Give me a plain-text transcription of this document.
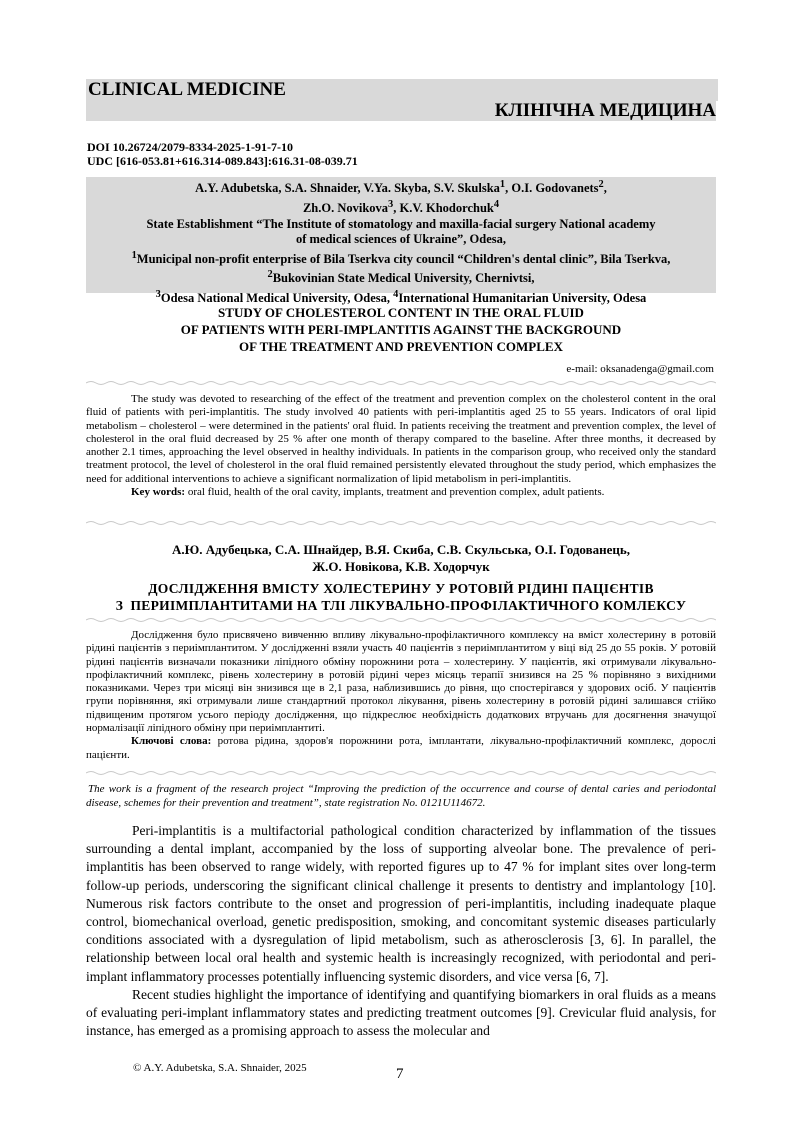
CLINICAL MEDICINE
КЛІНІЧНА МЕДИЦИНА
DOI 10.26724/2079-8334-2025-1-91-7-10
UDC [616-053.81+616.314-089.843]:616.31-08-039.71
A.Y. Adubetska, S.A. Shnaider, V.Ya. Skyba, S.V. Skulska$^1$, O.I. Godovanets$^2$,
Zh.O. Novikova$^3$, K.V. Khodorchuk$^4$
State Establishment “The Institute of stomatology and maxilla-facial surgery National academy
of medical sciences of Ukraine”, Odesa,
$^1$Municipal non-profit enterprise of Bila Tserkva city council “Children's dental clinic”, Bila Tserkva,
$^2$Bukovinian State Medical University, Chernivtsi,
$^3$Odesa National Medical University, Odesa, $^4$International Humanitarian University, Odesa
STUDY OF CHOLESTEROL CONTENT IN THE ORAL FLUID
OF PATIENTS WITH PERI-IMPLANTITIS AGAINST THE BACKGROUND
OF THE TREATMENT AND PREVENTION COMPLEX
e-mail: oksanadenga@gmail.com

The study was devoted to researching of the effect of the treatment and prevention complex on the cholesterol content in the oral fluid of patients with peri-implantitis. The study involved 40 patients with peri-implantitis aged 25 to 55 years. Indicators of oral lipid metabolism – cholesterol – were determined in the patients' oral fluid. In patients receiving the treatment and prevention complex, the level of cholesterol in the oral fluid decreased by 25 % after one month of therapy compared to the baseline. After three months, it decreased by another 2.1 times, approaching the level observed in healthy individuals. In patients in the comparison group, who received only the standard treatment protocol, the level of cholesterol in the oral fluid remained persistently elevated throughout the study period, which emphasizes the need for additional interventions to achieve a significant normalization of lipid metabolism in peri-implantitis.

Key words: oral fluid, health of the oral cavity, implants, treatment and prevention complex, adult patients.

А.Ю. Адубецька, С.А. Шнайдер, В.Я. Скиба, С.В. Скульська, О.І. Годованець,
Ж.О. Новікова, К.В. Ходорчук
ДОСЛІДЖЕННЯ ВМІСТУ ХОЛЕСТЕРИНУ У РОТОВІЙ РІДИНІ ПАЦІЄНТІВ
З  ПЕРИІМПЛАНТИТАМИ НА ТЛІ ЛІКУВАЛЬНО-ПРОФІЛАКТИЧНОГО КОМЛЕКСУ

Дослідження було присвячено вивченню впливу лікувально-профілактичного комплексу на вміст холестерину в ротовій рідині пацієнтів з периімплантитом. У дослідженні взяли участь 40 пацієнтів з периімплантитом у віці від 25 до 55 років. У ротовій рідині пацієнтів визначали показники ліпідного обміну порожнини рота – холестерину. У пацієнтів, які отримували лікувально-профілактичний комплекс, рівень холестерину в ротовій рідині через місяць терапії знизився на 25 % порівняно з вихідними показниками. Через три місяці він знизився ще в 2,1 раза, наблизившись до рівня, що спостерігався у здорових осіб. У пацієнтів групи порівняння, які отримували лише стандартний протокол лікування, рівень холестерину в ротовій рідині залишався стійко підвищеним протягом усього періоду дослідження, що підкреслює необхідність додаткових втручань для досягнення значущої нормалізації ліпідного обміну при периімплантиті.

Ключові слова: ротова рідина, здоров'я порожнини рота, імплантати, лікувально-профілактичний комплекс, дорослі пацієнти.

The work is a fragment of the research project “Improving the prediction of the occurrence and course of dental caries and periodontal disease, schemes for their prevention and treatment”, state registration No. 0121U114672.

Peri-implantitis is a multifactorial pathological condition characterized by inflammation of the tissues surrounding a dental implant, accompanied by the loss of supporting alveolar bone. The prevalence of peri-implantitis has been observed to range widely, with reported figures up to 47 % for implant sites over long-term follow-up periods, underscoring the significant clinical challenge it presents to dentistry and implantology [10]. Numerous risk factors contribute to the onset and progression of peri-implantitis, including inadequate plaque control, biomechanical overload, genetic predisposition, smoking, and concomitant systemic diseases particularly conditions associated with a dysregulation of lipid metabolism, such as atherosclerosis [3, 6]. In parallel, the relationship between local oral health and systemic health is increasingly recognized, with periodontal and peri-implant inflammatory processes potentially influencing systemic disorders, and vice versa [6, 7].

Recent studies highlight the importance of identifying and quantifying biomarkers in oral fluids as a means of evaluating peri-implant inflammatory states and predicting treatment outcomes [9]. Crevicular fluid analysis, for instance, has emerged as a promising approach to assess the molecular and

© A.Y. Adubetska, S.A. Shnaider, 2025	7
